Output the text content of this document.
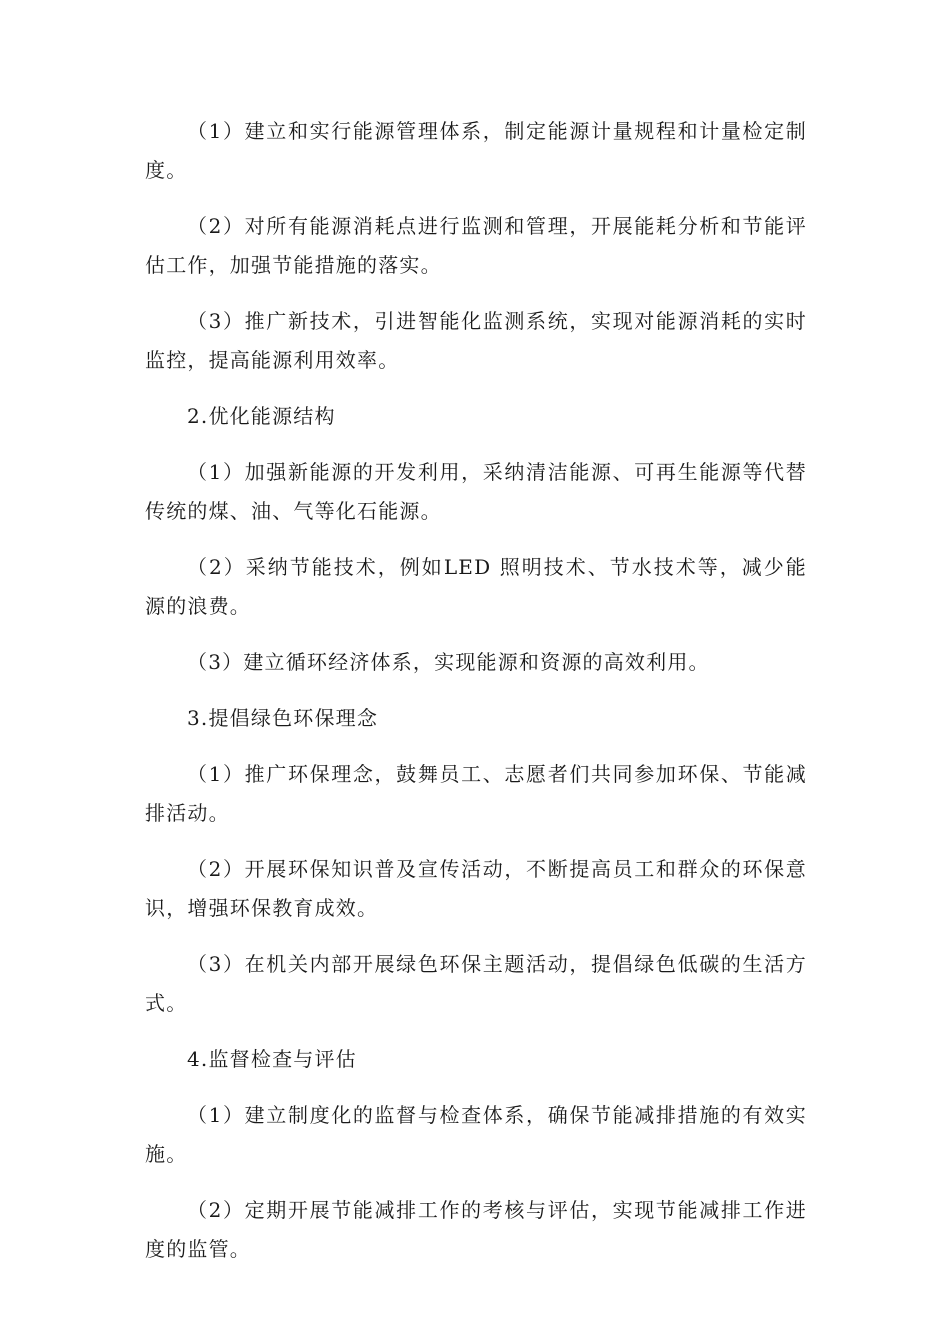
（1）建立和实行能源管理体系，制定能源计量规程和计量检定制度。

（2）对所有能源消耗点进行监测和管理，开展能耗分析和节能评估工作，加强节能措施的落实。

（3）推广新技术，引进智能化监测系统，实现对能源消耗的实时监控，提高能源利用效率。

2.优化能源结构

（1）加强新能源的开发利用，采纳清洁能源、可再生能源等代替传统的煤、油、气等化石能源。

（2）采纳节能技术，例如LED 照明技术、节水技术等，减少能源的浪费。

（3）建立循环经济体系，实现能源和资源的高效利用。

3.提倡绿色环保理念

（1）推广环保理念，鼓舞员工、志愿者们共同参加环保、节能减排活动。

（2）开展环保知识普及宣传活动，不断提高员工和群众的环保意识，增强环保教育成效。

（3）在机关内部开展绿色环保主题活动，提倡绿色低碳的生活方式。

4.监督检查与评估

（1）建立制度化的监督与检查体系，确保节能减排措施的有效实施。

（2）定期开展节能减排工作的考核与评估，实现节能减排工作进度的监管。
